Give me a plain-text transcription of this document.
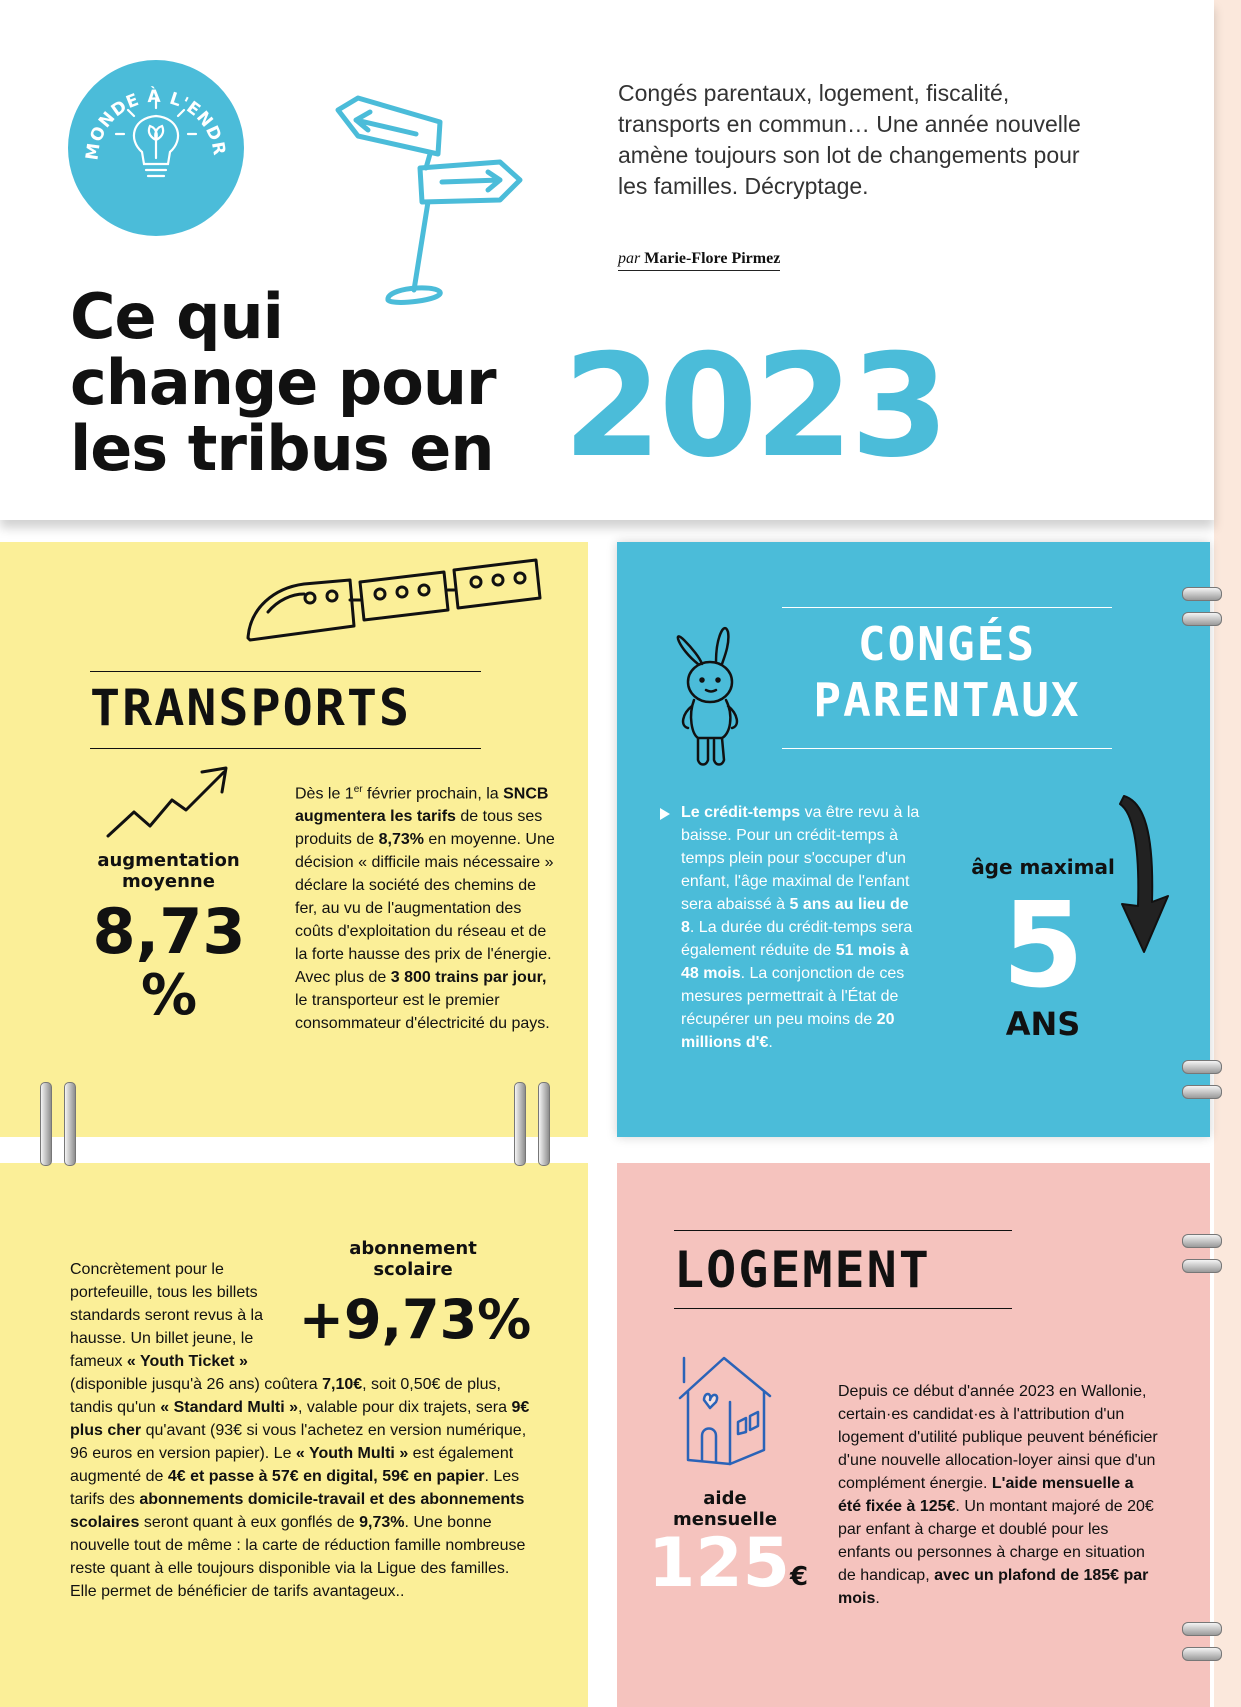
MONDE À L'ENDR
Congés parentaux, logement, fiscalité, transports en commun… Une année nouvelle amène toujours son lot de changements pour les familles. Décryptage.
par Marie-Flore Pirmez
Ce qui
change pour
les tribus en 2023
TRANSPORTS
augmentation moyenne
8,73
%
Dès le 1er février prochain, la SNCB augmentera les tarifs de tous ses produits de 8,73% en moyenne. Une décision « difficile mais nécessaire » déclare la société des chemins de fer, au vu de l'augmentation des coûts d'exploitation du réseau et de la forte hausse des prix de l'énergie. Avec plus de 3 800 trains par jour, le transporteur est le premier consommateur d'électricité du pays.
abonnement scolaire
+9,73%
Concrètement pour le portefeuille, tous les billets standards seront revus à la hausse. Un billet jeune, le fameux « Youth Ticket » (disponible jusqu'à 26 ans) coûtera 7,10€, soit 0,50€ de plus, tandis qu'un « Standard Multi », valable pour dix trajets, sera 9€ plus cher qu'avant (93€ si vous l'achetez en version numérique, 96 euros en version papier). Le « Youth Multi » est également augmenté de 4€ et passe à 57€ en digital, 59€ en papier. Les tarifs des abonnements domicile-travail et des abonnements scolaires seront quant à eux gonflés de 9,73%. Une bonne nouvelle tout de même : la carte de réduction famille nombreuse reste quant à elle toujours disponible via la Ligue des familles. Elle permet de bénéficier de tarifs avantageux..
CONGÉS
PARENTAUX
Le crédit-temps va être revu à la baisse. Pour un crédit-temps à temps plein pour s'occuper d'un enfant, l'âge maximal de l'enfant sera abaissé à 5 ans au lieu de 8. La durée du crédit-temps sera également réduite de 51 mois à 48 mois. La conjonction de ces mesures permettrait à l'État de récupérer un peu moins de 20 millions d'€.
âge maximal
5
ANS
LOGEMENT
aide mensuelle
125 €
Depuis ce début d'année 2023 en Wallonie, certain·es candidat·es à l'attribution d'un logement d'utilité publique peuvent bénéficier d'une nouvelle allocation-loyer ainsi que d'un complément énergie. L'aide mensuelle a été fixée à 125€. Un montant majoré de 20€ par enfant à charge et doublé pour les enfants ou personnes à charge en situation de handicap, avec un plafond de 185€ par mois.
